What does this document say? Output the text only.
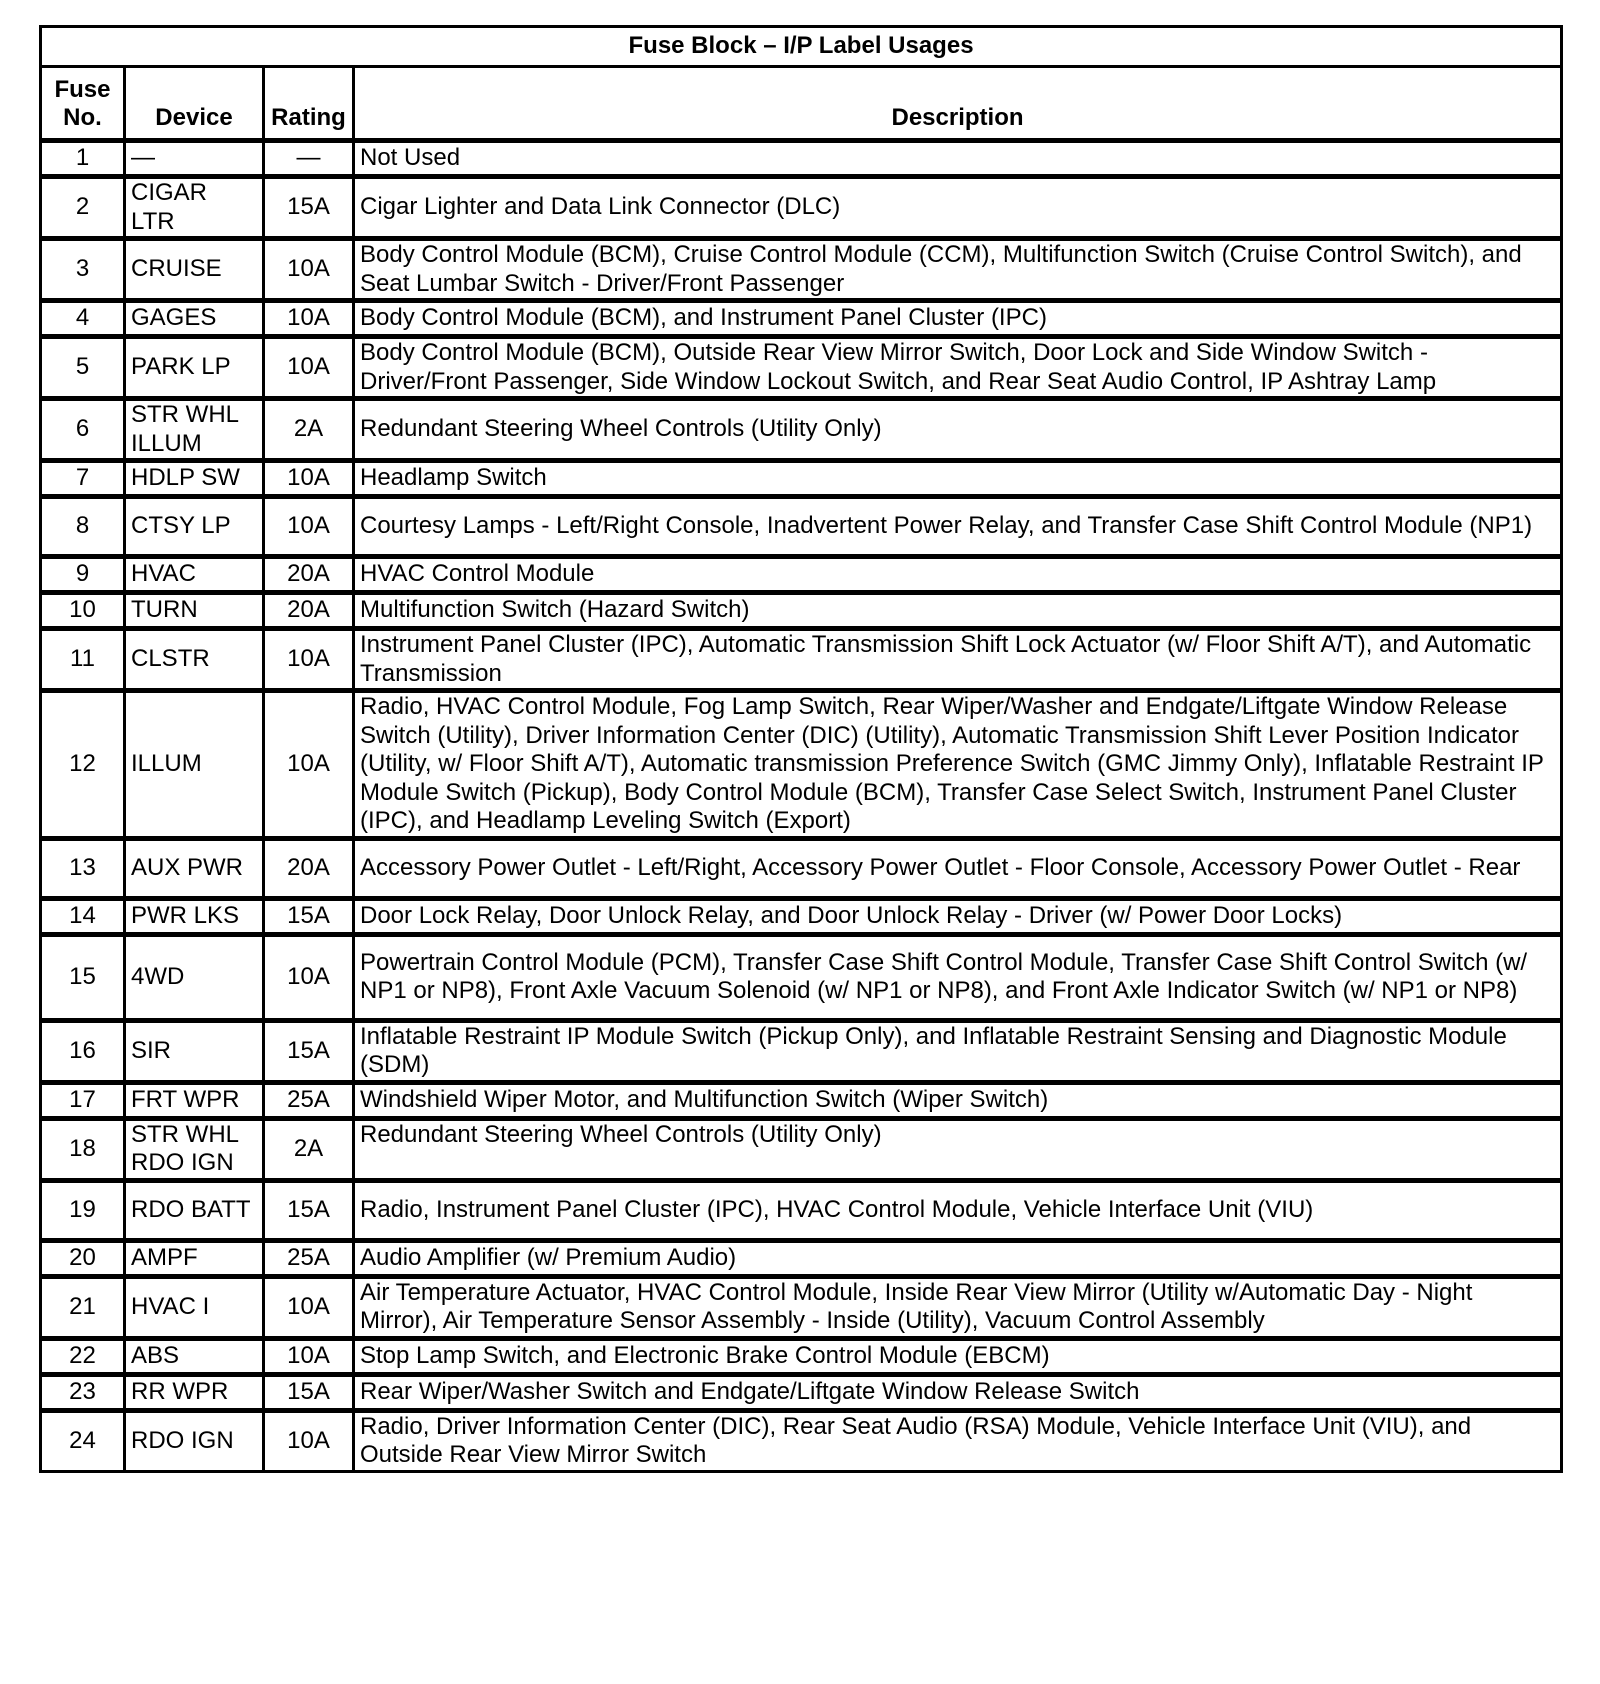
Fuse Block – I/P Label Usages			
Fuse
No.	Device	Rating	Description
1	—	—	Not Used
2	CIGAR LTR	15A	Cigar Lighter and Data Link Connector (DLC)
3	CRUISE	10A	Body Control Module (BCM), Cruise Control Module (CCM), Multifunction Switch (Cruise Control Switch), and Seat Lumbar Switch - Driver/Front Passenger
4	GAGES	10A	Body Control Module (BCM), and Instrument Panel Cluster (IPC)
5	PARK LP	10A	Body Control Module (BCM), Outside Rear View Mirror Switch, Door Lock and Side Window Switch - Driver/Front Passenger, Side Window Lockout Switch, and Rear Seat Audio Control, IP Ashtray Lamp
6	STR WHL ILLUM	2A	Redundant Steering Wheel Controls (Utility Only)
7	HDLP SW	10A	Headlamp Switch
8	CTSY LP	10A	Courtesy Lamps - Left/Right Console, Inadvertent Power Relay, and Transfer Case Shift Control Module (NP1)
9	HVAC	20A	HVAC Control Module
10	TURN	20A	Multifunction Switch (Hazard Switch)
11	CLSTR	10A	Instrument Panel Cluster (IPC), Automatic Transmission Shift Lock Actuator (w/ Floor Shift A/T), and Automatic Transmission
12	ILLUM	10A	Radio, HVAC Control Module, Fog Lamp Switch, Rear Wiper/Washer and Endgate/Liftgate Window Release Switch (Utility), Driver Information Center (DIC) (Utility), Automatic Transmission Shift Lever Position Indicator (Utility, w/ Floor Shift A/T), Automatic transmission Preference Switch (GMC Jimmy Only), Inflatable Restraint IP Module Switch (Pickup), Body Control Module (BCM), Transfer Case Select Switch, Instrument Panel Cluster (IPC), and Headlamp Leveling Switch (Export)
13	AUX PWR	20A	Accessory Power Outlet - Left/Right, Accessory Power Outlet - Floor Console, Accessory Power Outlet - Rear
14	PWR LKS	15A	Door Lock Relay, Door Unlock Relay, and Door Unlock Relay - Driver (w/ Power Door Locks)
15	4WD	10A	Powertrain Control Module (PCM), Transfer Case Shift Control Module, Transfer Case Shift Control Switch (w/ NP1 or NP8), Front Axle Vacuum Solenoid (w/ NP1 or NP8), and Front Axle Indicator Switch (w/ NP1 or NP8)
16	SIR	15A	Inflatable Restraint IP Module Switch (Pickup Only), and Inflatable Restraint Sensing and Diagnostic Module (SDM)
17	FRT WPR	25A	Windshield Wiper Motor, and Multifunction Switch (Wiper Switch)
18	STR WHL RDO IGN	2A	Redundant Steering Wheel Controls (Utility Only)
19	RDO BATT	15A	Radio, Instrument Panel Cluster (IPC), HVAC Control Module, Vehicle Interface Unit (VIU)
20	AMPF	25A	Audio Amplifier (w/ Premium Audio)
21	HVAC I	10A	Air Temperature Actuator, HVAC Control Module, Inside Rear View Mirror (Utility w/Automatic Day - Night Mirror), Air Temperature Sensor Assembly - Inside (Utility), Vacuum Control Assembly
22	ABS	10A	Stop Lamp Switch, and Electronic Brake Control Module (EBCM)
23	RR WPR	15A	Rear Wiper/Washer Switch and Endgate/Liftgate Window Release Switch
24	RDO IGN	10A	Radio, Driver Information Center (DIC), Rear Seat Audio (RSA) Module, Vehicle Interface Unit (VIU), and Outside Rear View Mirror Switch
